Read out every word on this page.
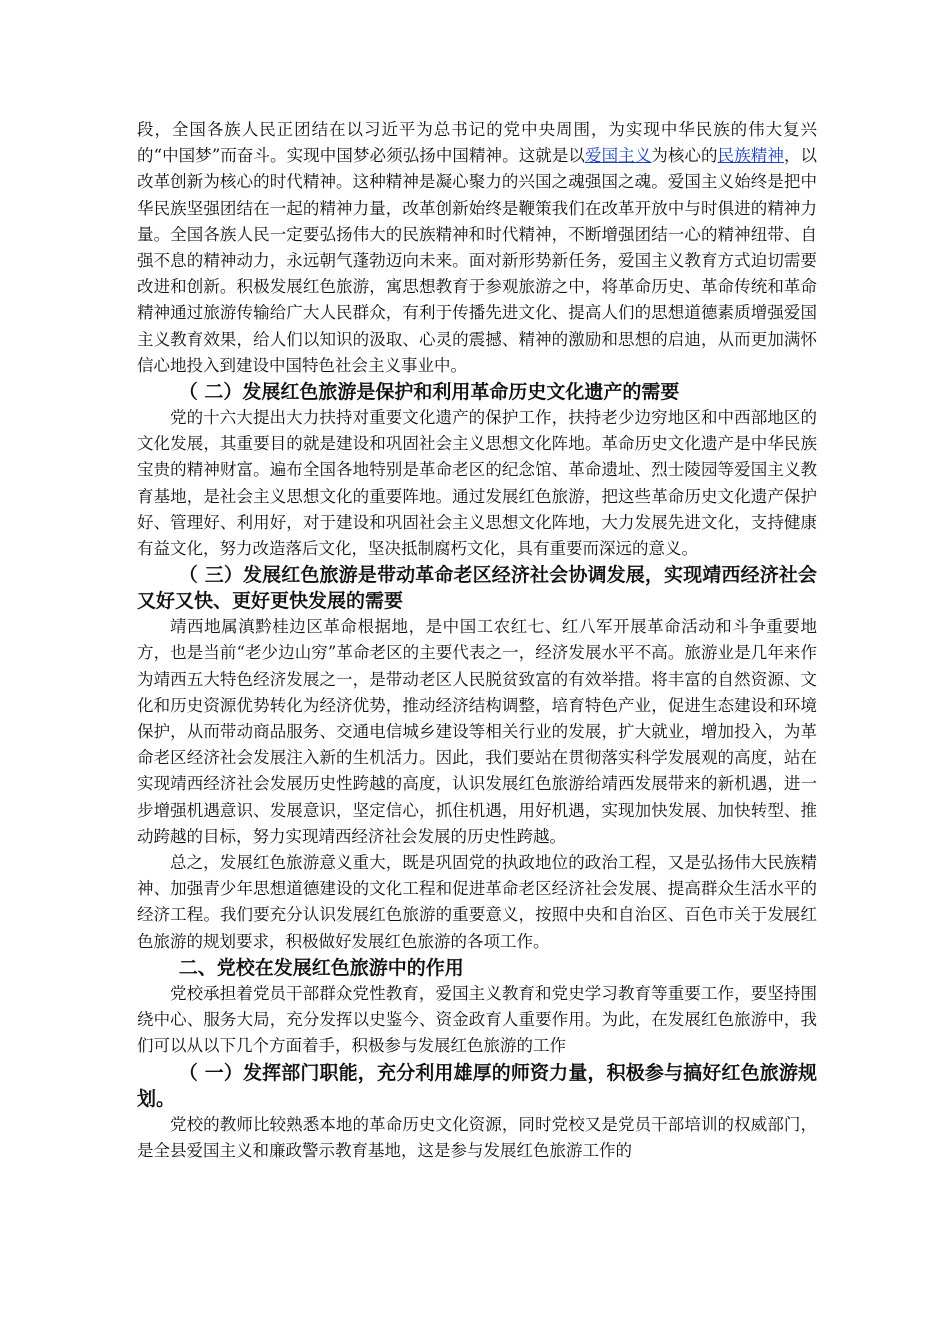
段，全国各族人民正团结在以习近平为总书记的党中央周围，为实现中华民族的伟大复兴的“中国梦”而奋斗。实现中国梦必须弘扬中国精神。这就是以爱国主义为核心的民族精神，以改革创新为核心的时代精神。这种精神是凝心聚力的兴国之魂强国之魂。爱国主义始终是把中华民族坚强团结在一起的精神力量，改革创新始终是鞭策我们在改革开放中与时俱进的精神力量。全国各族人民一定要弘扬伟大的民族精神和时代精神，不断增强团结一心的精神纽带、自强不息的精神动力，永远朝气蓬勃迈向未来。面对新形势新任务，爱国主义教育方式迫切需要改进和创新。积极发展红色旅游，寓思想教育于参观旅游之中，将革命历史、革命传统和革命精神通过旅游传输给广大人民群众，有利于传播先进文化、提高人们的思想道德素质增强爱国主义教育效果，给人们以知识的汲取、心灵的震撼、精神的激励和思想的启迪，从而更加满怀信心地投入到建设中国特色社会主义事业中。

（ 二）发展红色旅游是保护和利用革命历史文化遗产的需要

党的十六大提出大力扶持对重要文化遗产的保护工作，扶持老少边穷地区和中西部地区的文化发展，其重要目的就是建设和巩固社会主义思想文化阵地。革命历史文化遗产是中华民族宝贵的精神财富。遍布全国各地特别是革命老区的纪念馆、革命遗址、烈士陵园等爱国主义教育基地，是社会主义思想文化的重要阵地。通过发展红色旅游，把这些革命历史文化遗产保护好、管理好、利用好，对于建设和巩固社会主义思想文化阵地，大力发展先进文化，支持健康有益文化，努力改造落后文化，坚决抵制腐朽文化，具有重要而深远的意义。

（ 三）发展红色旅游是带动革命老区经济社会协调发展，实现靖西经济社会又好又快、更好更快发展的需要

靖西地属滇黔桂边区革命根据地，是中国工农红七、红八军开展革命活动和斗争重要地方，也是当前“老少边山穷”革命老区的主要代表之一，经济发展水平不高。旅游业是几年来作为靖西五大特色经济发展之一，是带动老区人民脱贫致富的有效举措。将丰富的自然资源、文化和历史资源优势转化为经济优势，推动经济结构调整，培育特色产业，促进生态建设和环境保护，从而带动商品服务、交通电信城乡建设等相关行业的发展，扩大就业，增加投入，为革命老区经济社会发展注入新的生机活力。因此，我们要站在贯彻落实科学发展观的高度，站在实现靖西经济社会发展历史性跨越的高度，认识发展红色旅游给靖西发展带来的新机遇，进一步增强机遇意识、发展意识，坚定信心，抓住机遇，用好机遇，实现加快发展、加快转型、推动跨越的目标，努力实现靖西经济社会发展的历史性跨越。

总之，发展红色旅游意义重大，既是巩固党的执政地位的政治工程，又是弘扬伟大民族精神、加强青少年思想道德建设的文化工程和促进革命老区经济社会发展、提高群众生活水平的经济工程。我们要充分认识发展红色旅游的重要意义，按照中央和自治区、百色市关于发展红色旅游的规划要求，积极做好发展红色旅游的各项工作。

二、党校在发展红色旅游中的作用

党校承担着党员干部群众党性教育，爱国主义教育和党史学习教育等重要工作，要坚持围绕中心、服务大局，充分发挥以史鉴今、资金政育人重要作用。为此，在发展红色旅游中，我们可以从以下几个方面着手，积极参与发展红色旅游的工作

（ 一）发挥部门职能，充分利用雄厚的师资力量，积极参与搞好红色旅游规划。

党校的教师比较熟悉本地的革命历史文化资源，同时党校又是党员干部培训的权威部门，是全县爱国主义和廉政警示教育基地，这是参与发展红色旅游工作的
